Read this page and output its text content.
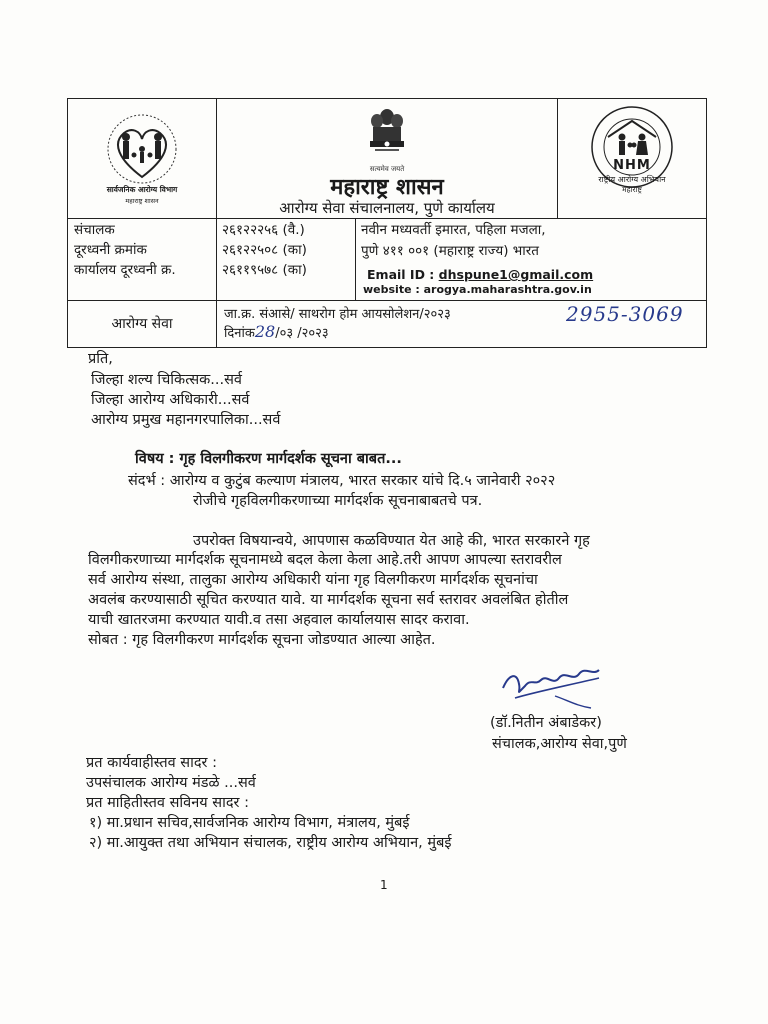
सार्वजनिक आरोग्य विभाग
महाराष्ट्र शासन
सत्यमेव जयते
महाराष्ट्र शासन
आरोग्य सेवा संचालनालय, पुणे कार्यालय
NHM
राष्ट्रीय आरोग्य अभियान
महाराष्ट्र
संचालक
दूरध्वनी क्रमांक
कार्यालय दूरध्वनी क्र.
२६१२२२५६ (वै.)
२६१२२५०८ (का)
२६११९५७८ (का)
नवीन मध्यवर्ती इमारत, पहिला मजला,
पुणे ४११ ००१ (महाराष्ट्र राज्य) भारत
Email ID : dhspune1@gmail.com
website : arogya.maharashtra.gov.in
आरोग्य सेवा
जा.क्र. संआसे/ साथरोग होम आयसोलेशन/२०२३	2955-3069
दिनांक28/०३ /२०२३
प्रति,
जिल्हा शल्य चिकित्सक...सर्व
जिल्हा आरोग्य अधिकारी...सर्व
आरोग्य प्रमुख महानगरपालिका...सर्व
विषय : गृह विलगीकरण मार्गदर्शक सूचना बाबत...
संदर्भ : आरोग्य व कुटुंब कल्याण मंत्रालय, भारत सरकार यांचे दि.५ जानेवारी २०२२
रोजीचे गृहविलगीकरणाच्या मार्गदर्शक सूचनाबाबतचे पत्र.
उपरोक्त विषयान्वये, आपणास कळविण्यात येत आहे की, भारत सरकारने गृह
विलगीकरणाच्या मार्गदर्शक सूचनामध्ये बदल केला केला आहे.तरी आपण आपल्या स्तरावरील
सर्व आरोग्य संस्था, तालुका आरोग्य अधिकारी यांना गृह विलगीकरण मार्गदर्शक सूचनांचा
अवलंब करण्यासाठी सूचित करण्यात यावे. या मार्गदर्शक सूचना सर्व स्तरावर अवलंबित होतील
याची खातरजमा करण्यात यावी.व तसा अहवाल कार्यालयास सादर करावा.
सोबत : गृह विलगीकरण मार्गदर्शक सूचना जोडण्यात आल्या आहेत.
(डॉ.नितीन अंबाडेकर)
संचालक,आरोग्य सेवा,पुणे
प्रत कार्यवाहीस्तव सादर :
उपसंचालक आरोग्य मंडळे ...सर्व
प्रत माहितीस्तव सविनय सादर :
१) मा.प्रधान सचिव,सार्वजनिक आरोग्य विभाग, मंत्रालय, मुंबई
२) मा.आयुक्त तथा अभियान संचालक, राष्ट्रीय आरोग्य अभियान, मुंबई
1
